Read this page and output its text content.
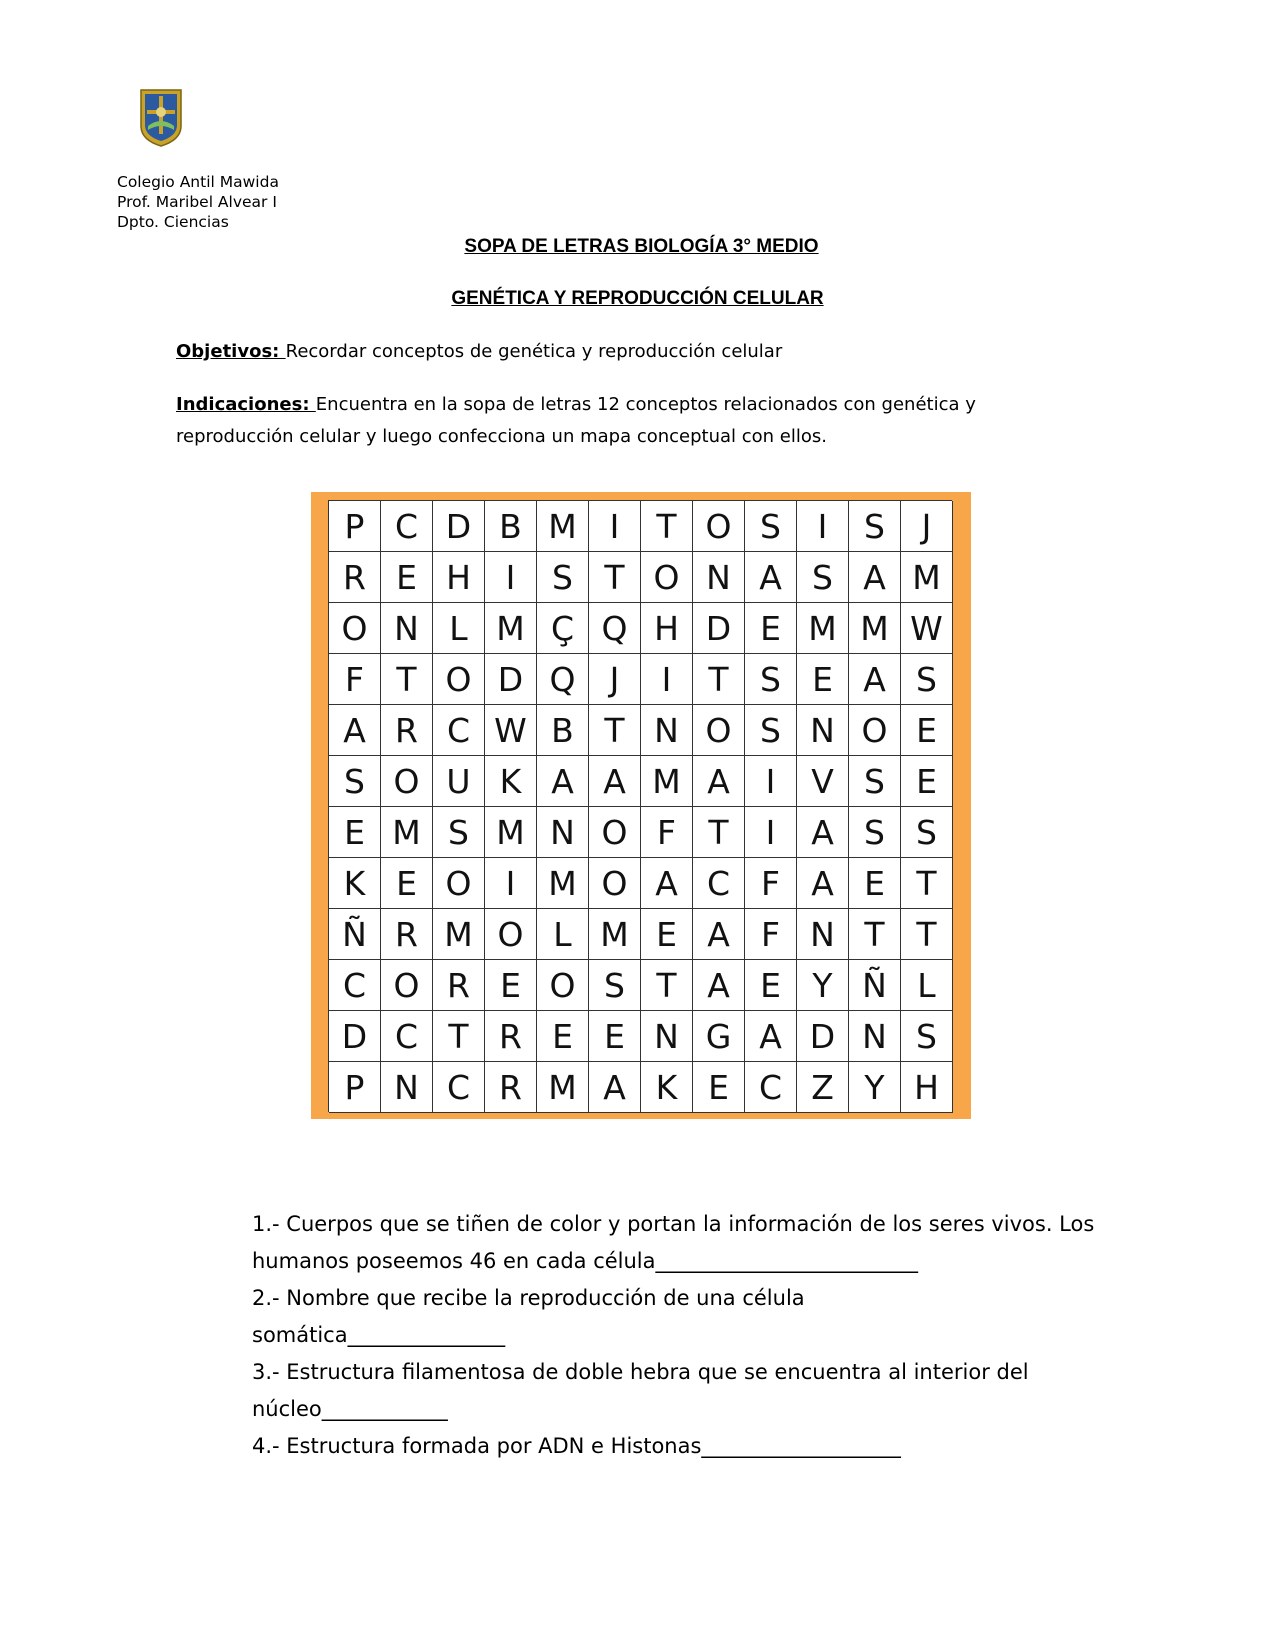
Colegio Antil Mawida
Prof. Maribel Alvear I
Dpto. Ciencias
SOPA DE LETRAS BIOLOGÍA 3° MEDIO
GENÉTICA Y REPRODUCCIÓN CELULAR
Objetivos: Recordar conceptos de genética y reproducción celular
Indicaciones: Encuentra en la sopa de letras 12 conceptos relacionados con genética y
reproducción celular y luego confecciona un mapa conceptual con ellos.
P C D B M I	T O S	I	S	J
R E H	I	S T O N A S A M
O N L M Ç Q H D E M M W
F T O D Q	J	I	T S E A S
A R C W B T N O S N O E
S O U K A A M A	I	V S E
E M S M N O F T	I	A S S
K E O	I M O A C F A E T
Ñ R M O L M E A F N T T
C O R E O S T A E Y Ñ L
D C T R E E N G A D N S
P N C R M A K E C Z Y H

1.- Cuerpos que se tiñen de color y portan la información de los seres vivos. Los

humanos poseemos 46 en cada célula_________________________

2.- Nombre que recibe la reproducción de una célula

somática_______________

3.- Estructura filamentosa de doble hebra que se encuentra al interior del

núcleo____________

4.- Estructura formada por ADN e Histonas___________________
